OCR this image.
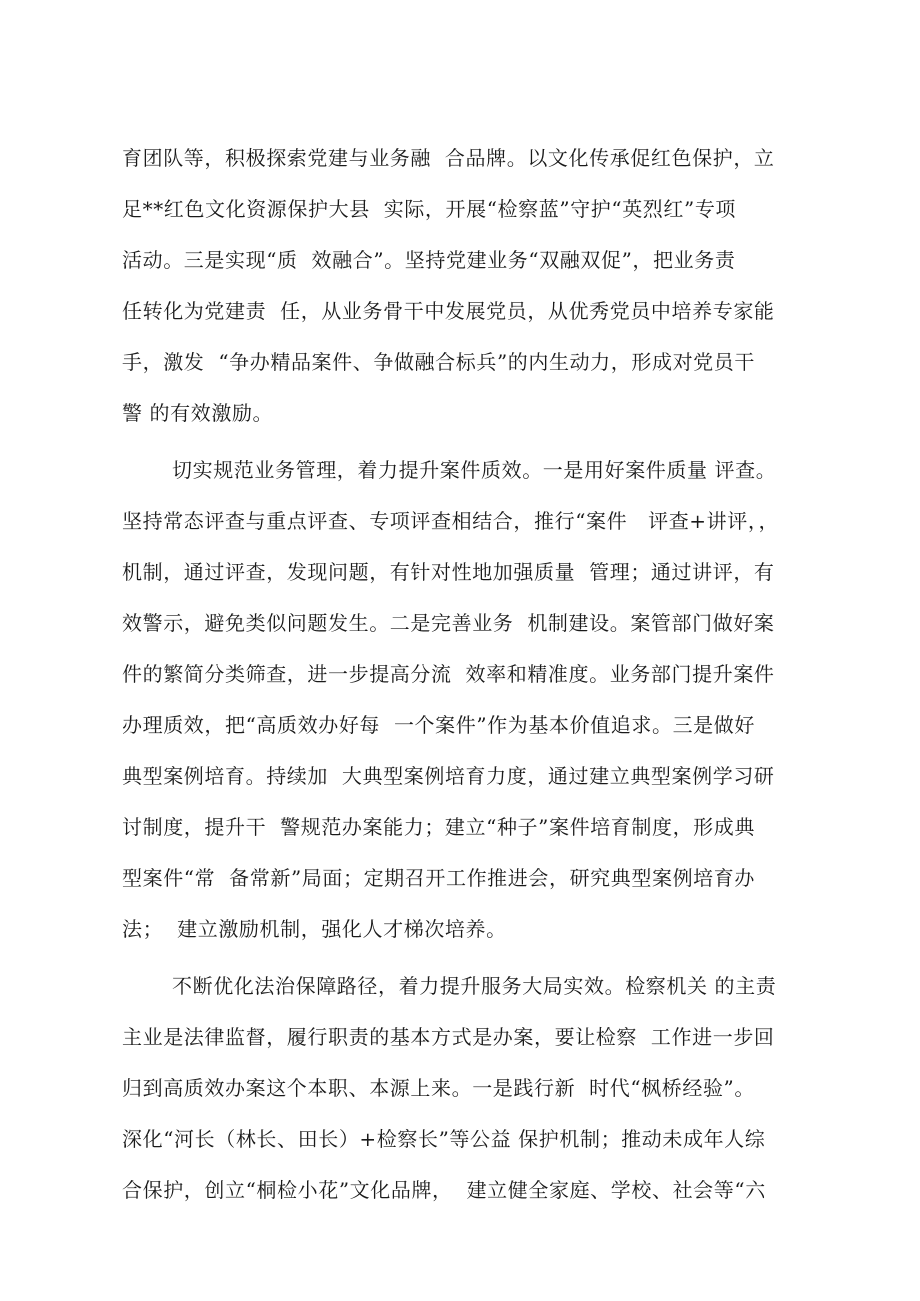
育团队等，积极探索党建与业务融  合品牌。以文化传承促红色保护，立
足**红色文化资源保护大县  实际，开展“检察蓝”守护“英烈红”专项
活动。三是实现“质  效融合”。坚持党建业务“双融双促”，把业务责
任转化为党建责  任，从业务骨干中发展党员，从优秀党员中培养专家能
手，激发  “争办精品案件、争做融合标兵”的内生动力，形成对党员干
警 的有效激励。
切实规范业务管理，着力提升案件质效。一是用好案件质量 评查。
坚持常态评查与重点评查、专项评查相结合，推行“案件   评查+讲评，，
机制，通过评查，发现问题，有针对性地加强质量  管理；通过讲评，有
效警示，避免类似问题发生。二是完善业务  机制建设。案管部门做好案
件的繁简分类筛查，进一步提高分流  效率和精准度。业务部门提升案件
办理质效，把“高质效办好每  一个案件”作为基本价值追求。三是做好
典型案例培育。持续加  大典型案例培育力度，通过建立典型案例学习研
讨制度，提升干  警规范办案能力；建立“种子”案件培育制度，形成典
型案件“常  备常新”局面；定期召开工作推进会，研究典型案例培育办
法；  建立激励机制，强化人才梯次培养。
不断优化法治保障路径，着力提升服务大局实效。检察机关 的主责
主业是法律监督，履行职责的基本方式是办案，要让检察  工作进一步回
归到高质效办案这个本职、本源上来。一是践行新  时代“枫桥经验”。
深化“河长（林长、田长）+检察长”等公益 保护机制；推动未成年人综
合保护，创立“桐检小花”文化品牌，  建立健全家庭、学校、社会等“六
